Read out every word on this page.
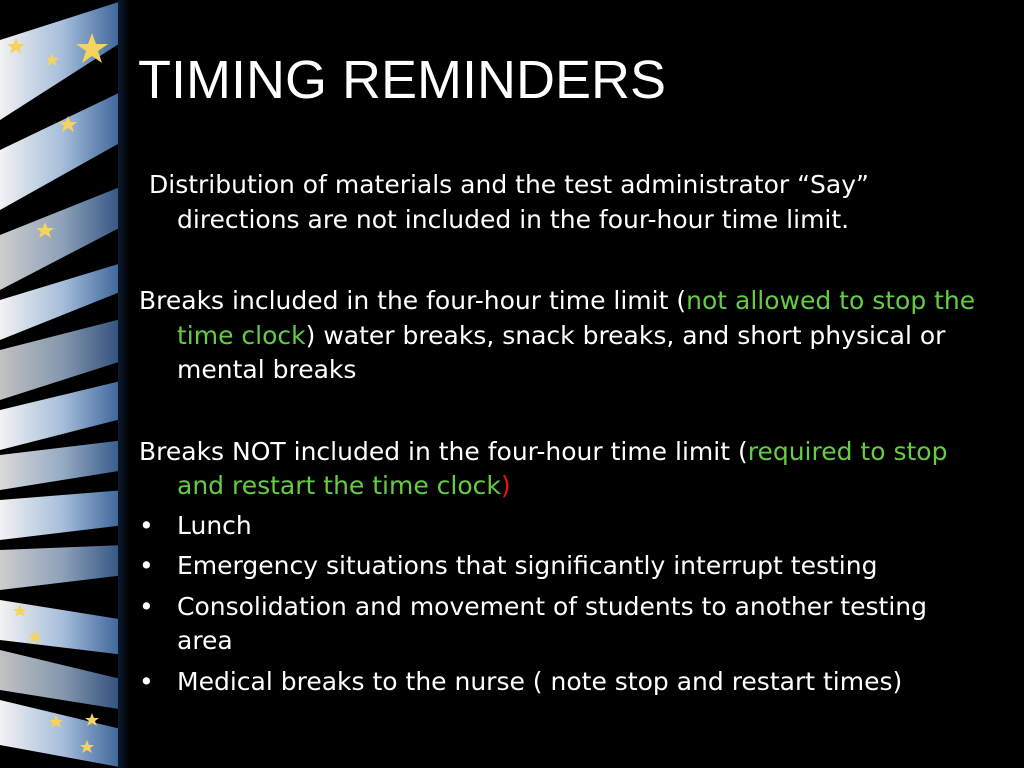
TIMING REMINDERS

Distribution of materials and the test administrator “Say” directions are not included in the four-hour time limit.

Breaks included in the four-hour time limit (not allowed to stop the time clock) water breaks, snack breaks, and short physical or mental breaks

Breaks NOT included in the four-hour time limit (required to stop and restart the time clock)

• Lunch
• Emergency situations that significantly interrupt testing
• Consolidation and movement of students to another testing area
• Medical breaks to the nurse ( note stop and restart times)
